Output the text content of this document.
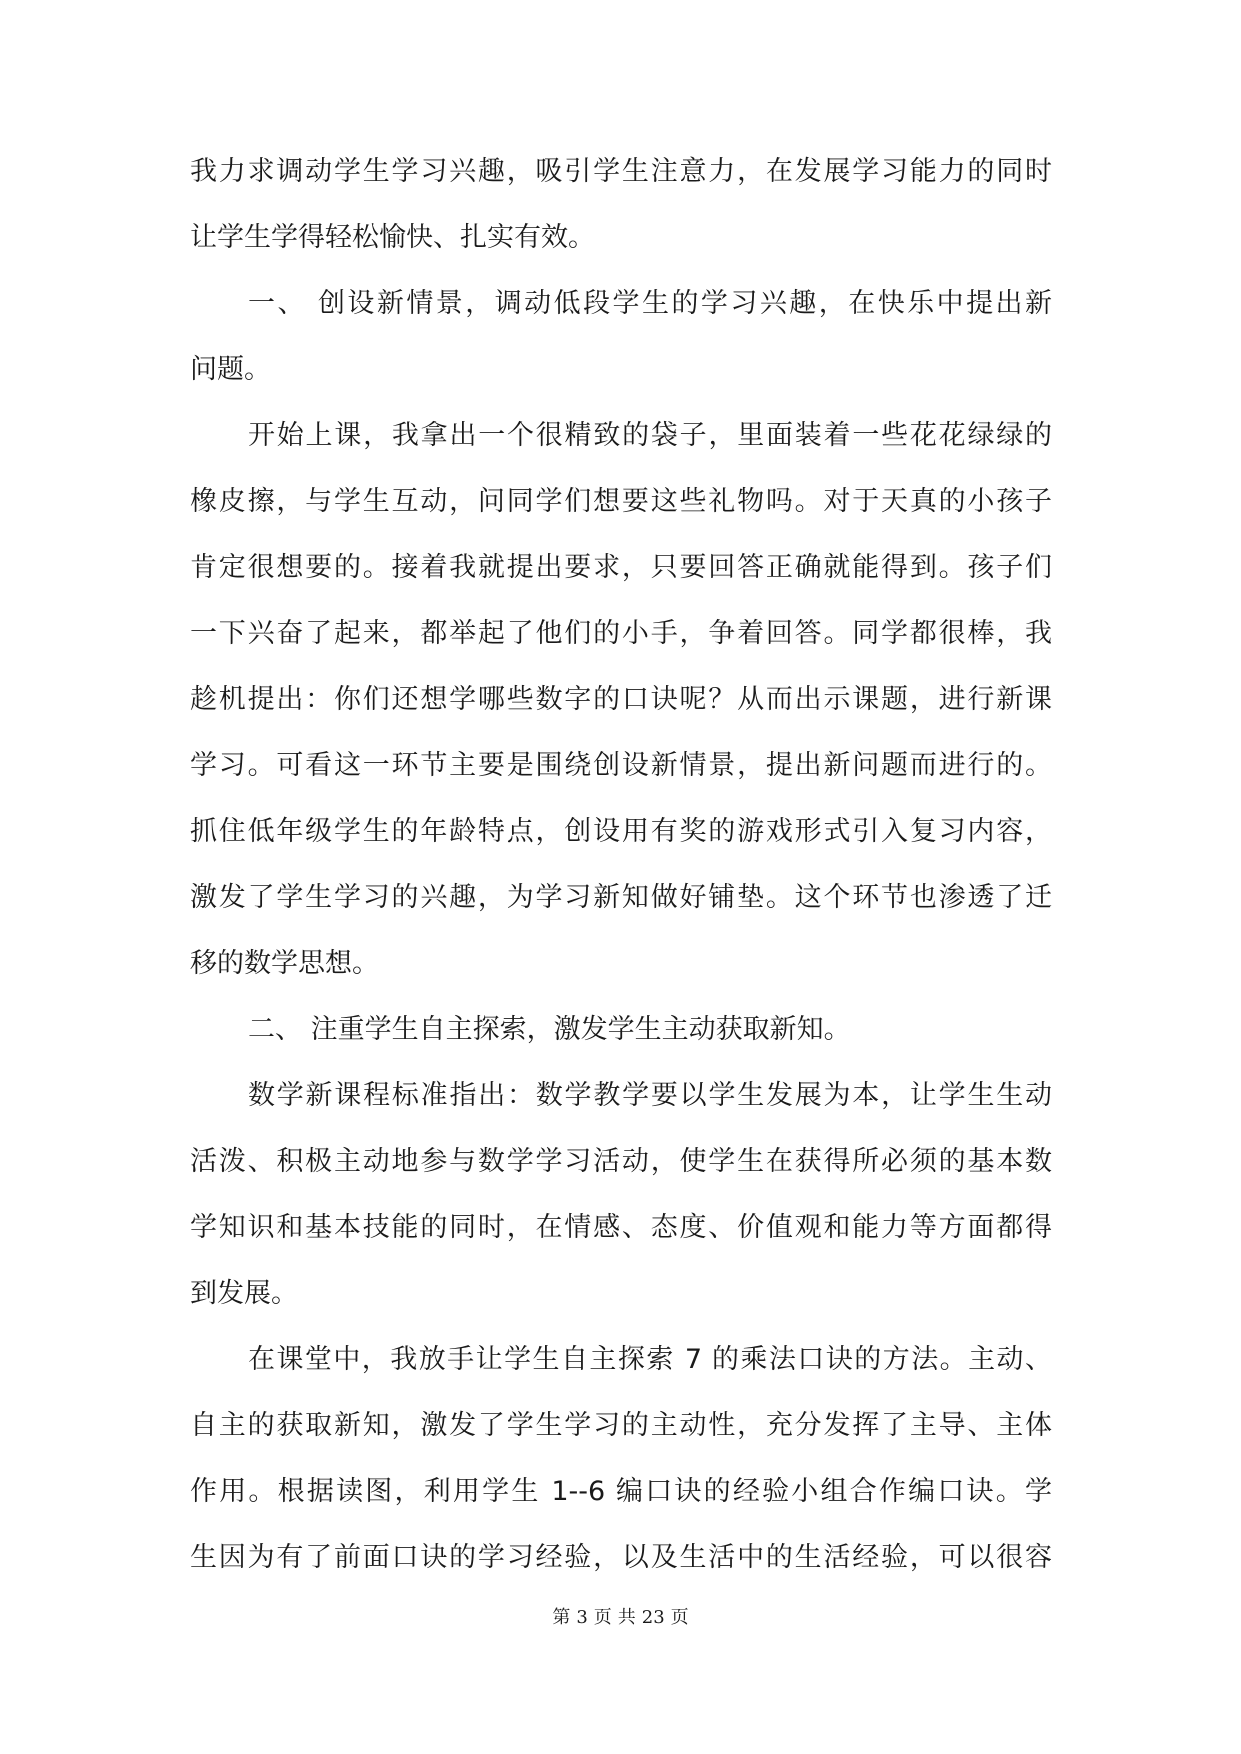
我力求调动学生学习兴趣，吸引学生注意力，在发展学习能力的同时
让学生学得轻松愉快、扎实有效。
一、 创设新情景，调动低段学生的学习兴趣，在快乐中提出新
问题。
开始上课，我拿出一个很精致的袋子，里面装着一些花花绿绿的
橡皮擦，与学生互动，问同学们想要这些礼物吗。对于天真的小孩子
肯定很想要的。接着我就提出要求，只要回答正确就能得到。孩子们
一下兴奋了起来，都举起了他们的小手，争着回答。同学都很棒，我
趁机提出：你们还想学哪些数字的口诀呢？从而出示课题，进行新课
学习。可看这一环节主要是围绕创设新情景，提出新问题而进行的。
抓住低年级学生的年龄特点，创设用有奖的游戏形式引入复习内容，
激发了学生学习的兴趣，为学习新知做好铺垫。这个环节也渗透了迁
移的数学思想。
二、 注重学生自主探索，激发学生主动获取新知。
数学新课程标准指出：数学教学要以学生发展为本，让学生生动
活泼、积极主动地参与数学学习活动，使学生在获得所必须的基本数
学知识和基本技能的同时，在情感、态度、价值观和能力等方面都得
到发展。
在课堂中，我放手让学生自主探索 7 的乘法口诀的方法。主动、
自主的获取新知，激发了学生学习的主动性，充分发挥了主导、主体
作用。根据读图，利用学生 1--6 编口诀的经验小组合作编口诀。学
生因为有了前面口诀的学习经验，以及生活中的生活经验，可以很容
第 3 页 共 23 页
